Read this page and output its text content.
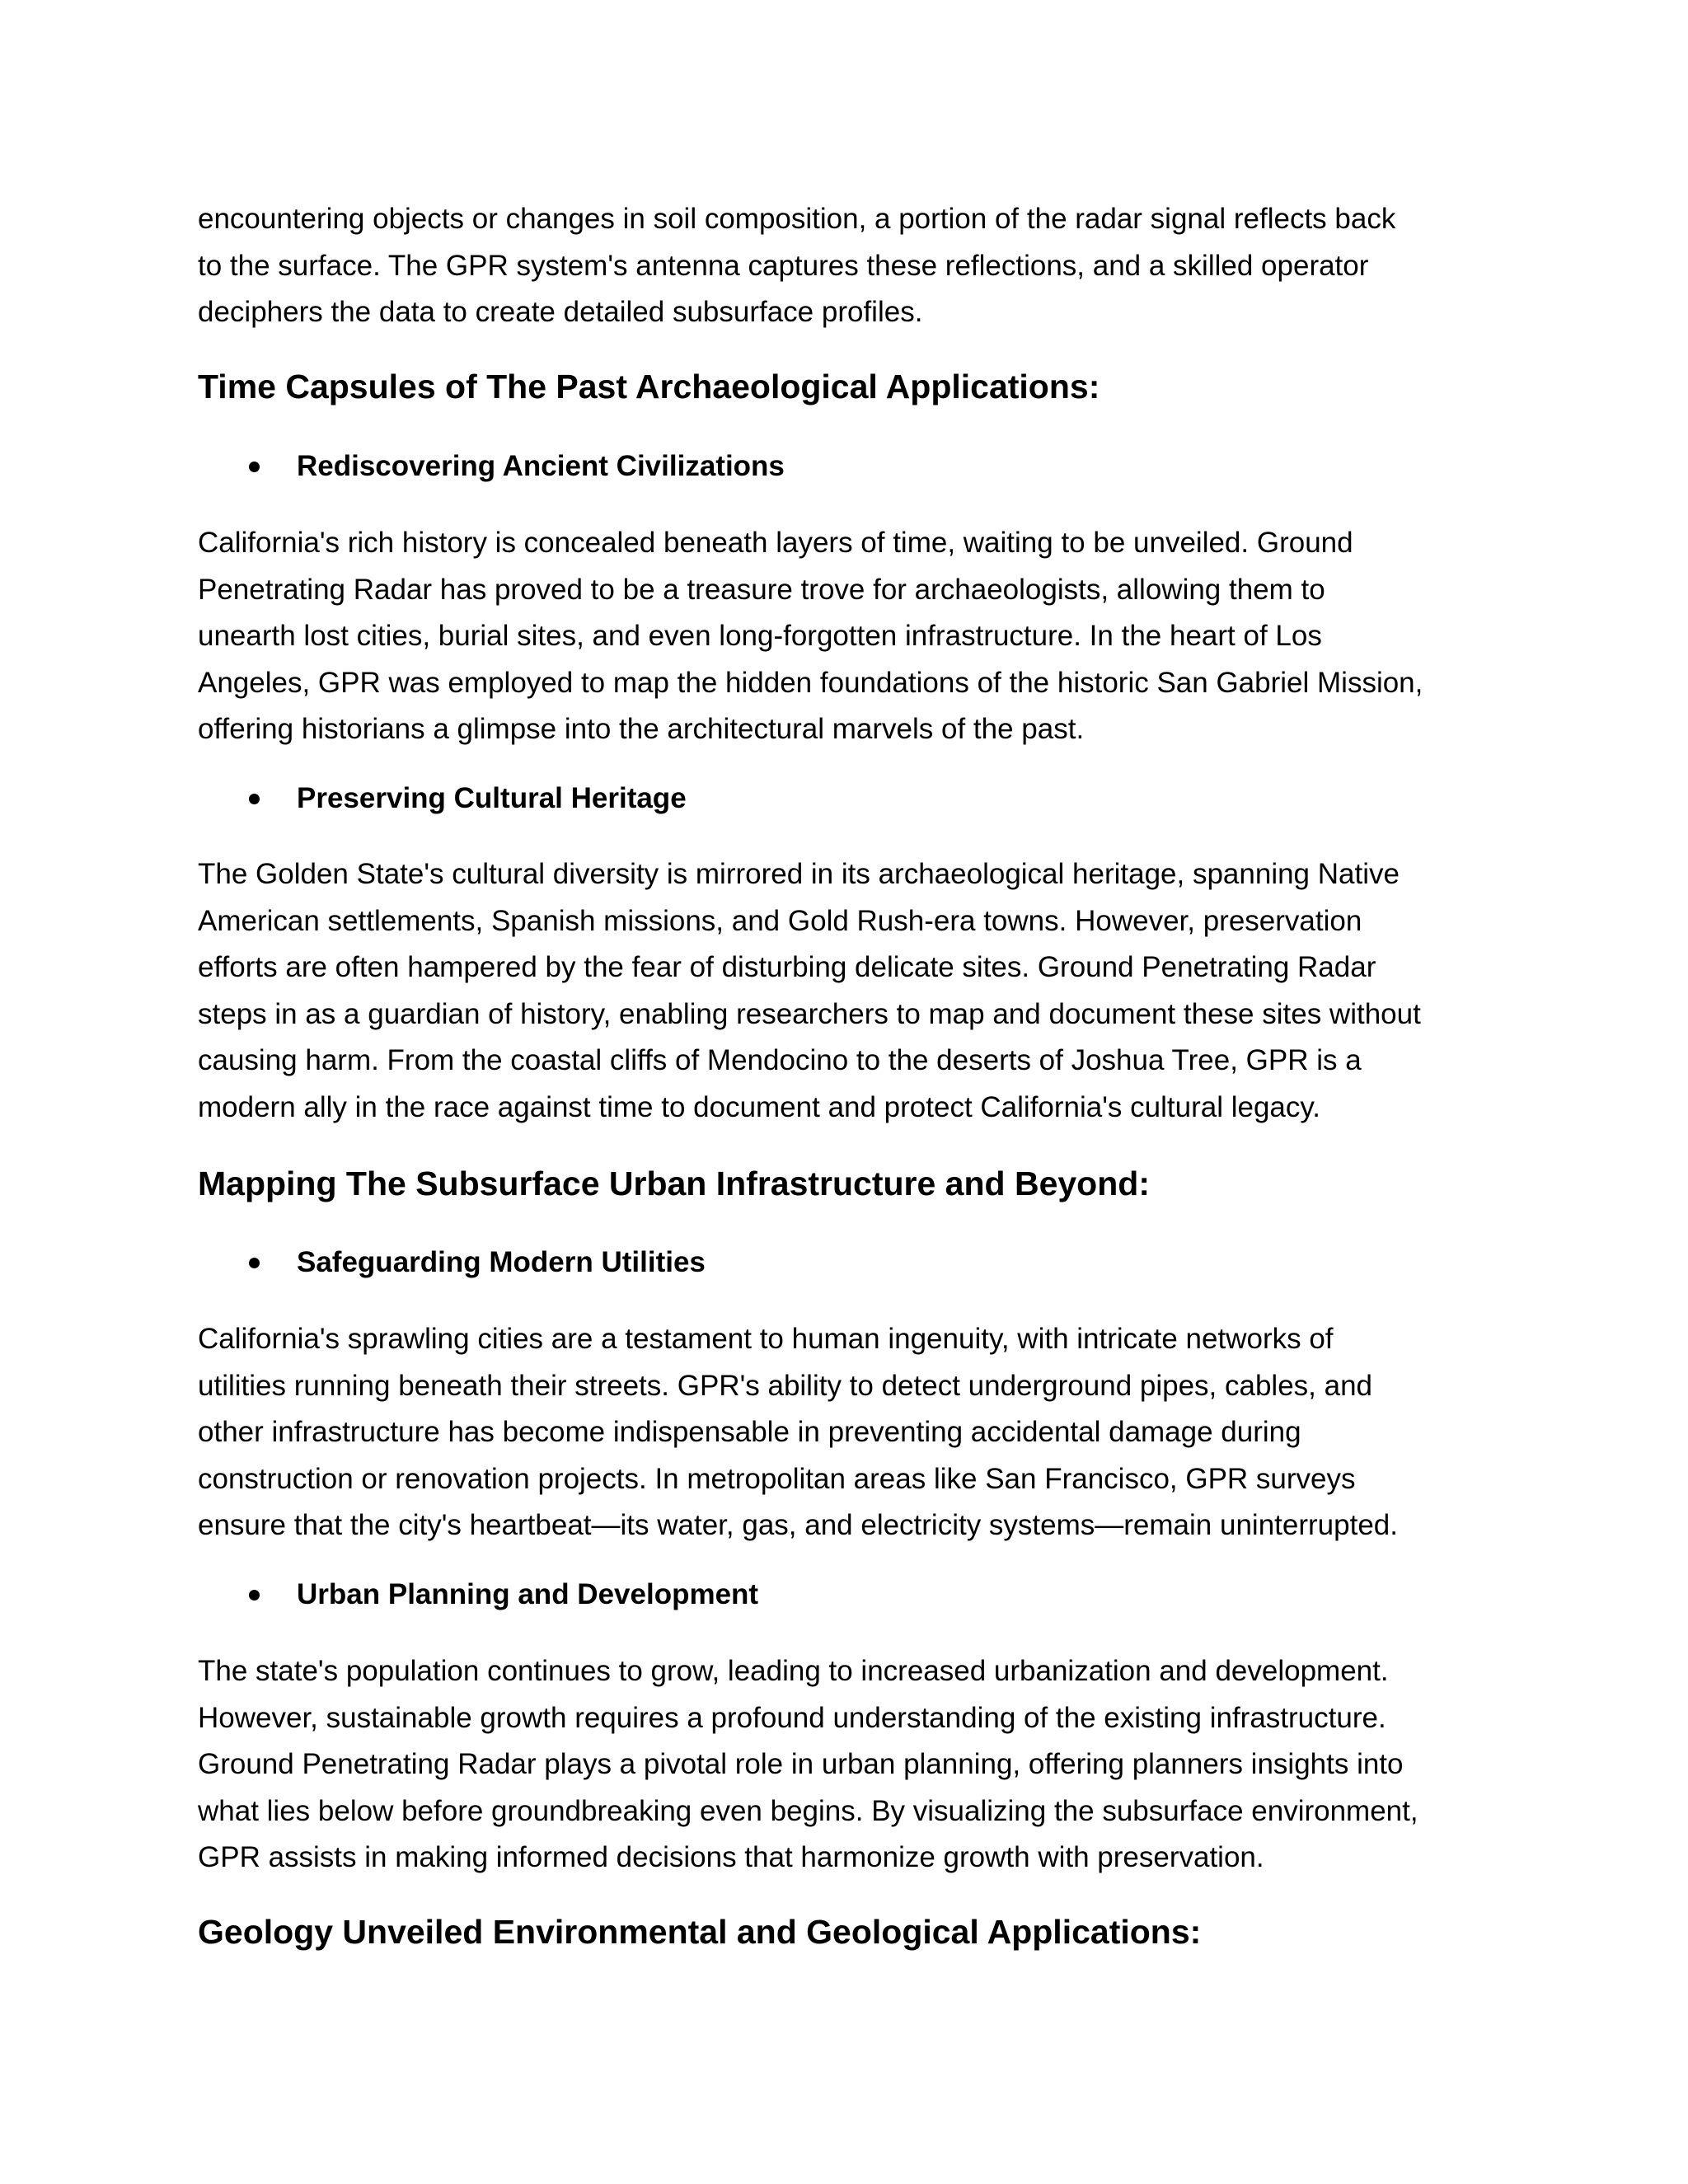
encountering objects or changes in soil composition, a portion of the radar signal reflects back
to the surface. The GPR system's antenna captures these reflections, and a skilled operator
deciphers the data to create detailed subsurface profiles.
Time Capsules of The Past Archaeological Applications:
Rediscovering Ancient Civilizations
California's rich history is concealed beneath layers of time, waiting to be unveiled. Ground
Penetrating Radar has proved to be a treasure trove for archaeologists, allowing them to
unearth lost cities, burial sites, and even long-forgotten infrastructure. In the heart of Los
Angeles, GPR was employed to map the hidden foundations of the historic San Gabriel Mission,
offering historians a glimpse into the architectural marvels of the past.
Preserving Cultural Heritage
The Golden State's cultural diversity is mirrored in its archaeological heritage, spanning Native
American settlements, Spanish missions, and Gold Rush-era towns. However, preservation
efforts are often hampered by the fear of disturbing delicate sites. Ground Penetrating Radar
steps in as a guardian of history, enabling researchers to map and document these sites without
causing harm. From the coastal cliffs of Mendocino to the deserts of Joshua Tree, GPR is a
modern ally in the race against time to document and protect California's cultural legacy.
Mapping The Subsurface Urban Infrastructure and Beyond:
Safeguarding Modern Utilities
California's sprawling cities are a testament to human ingenuity, with intricate networks of
utilities running beneath their streets. GPR's ability to detect underground pipes, cables, and
other infrastructure has become indispensable in preventing accidental damage during
construction or renovation projects. In metropolitan areas like San Francisco, GPR surveys
ensure that the city's heartbeat—its water, gas, and electricity systems—remain uninterrupted.
Urban Planning and Development
The state's population continues to grow, leading to increased urbanization and development.
However, sustainable growth requires a profound understanding of the existing infrastructure.
Ground Penetrating Radar plays a pivotal role in urban planning, offering planners insights into
what lies below before groundbreaking even begins. By visualizing the subsurface environment,
GPR assists in making informed decisions that harmonize growth with preservation.
Geology Unveiled Environmental and Geological Applications:
